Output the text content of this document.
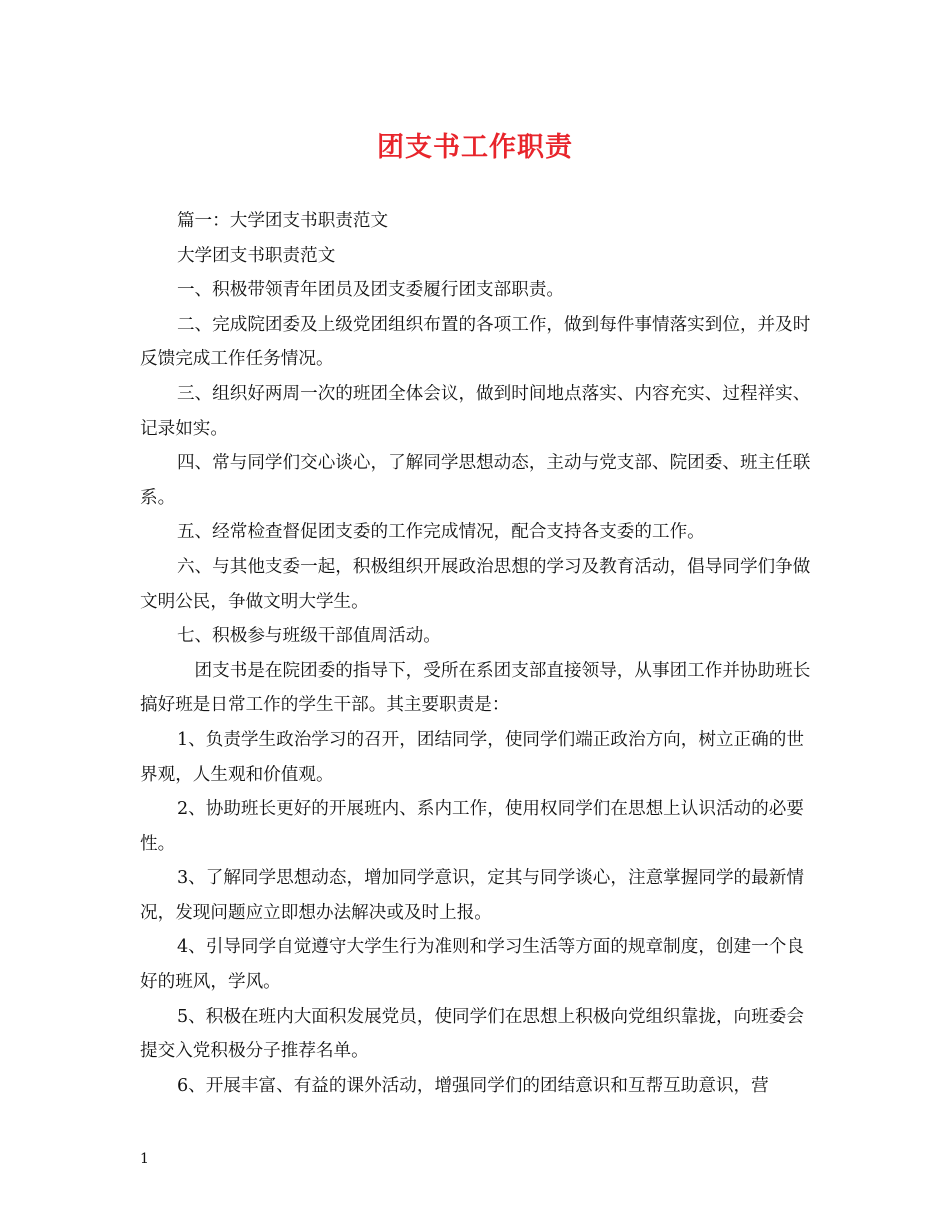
团支书工作职责

篇一：大学团支书职责范文

大学团支书职责范文

一、积极带领青年团员及团支委履行团支部职责。

二、完成院团委及上级党团组织布置的各项工作，做到每件事情落实到位，并及时反馈完成工作任务情况。

三、组织好两周一次的班团全体会议，做到时间地点落实、内容充实、过程祥实、记录如实。

四、常与同学们交心谈心，了解同学思想动态，主动与党支部、院团委、班主任联系。

五、经常检查督促团支委的工作完成情况，配合支持各支委的工作。

六、与其他支委一起，积极组织开展政治思想的学习及教育活动，倡导同学们争做文明公民，争做文明大学生。

七、积极参与班级干部值周活动。

团支书是在院团委的指导下，受所在系团支部直接领导，从事团工作并协助班长搞好班是日常工作的学生干部。其主要职责是：

1、负责学生政治学习的召开，团结同学，使同学们端正政治方向，树立正确的世界观，人生观和价值观。

2、协助班长更好的开展班内、系内工作，使用权同学们在思想上认识活动的必要性。

3、了解同学思想动态，增加同学意识，定其与同学谈心，注意掌握同学的最新情况，发现问题应立即想办法解决或及时上报。

4、引导同学自觉遵守大学生行为准则和学习生活等方面的规章制度，创建一个良好的班风，学风。

5、积极在班内大面积发展党员，使同学们在思想上积极向党组织靠拢，向班委会提交入党积极分子推荐名单。

6、开展丰富、有益的课外活动，增强同学们的团结意识和互帮互助意识，营

1
